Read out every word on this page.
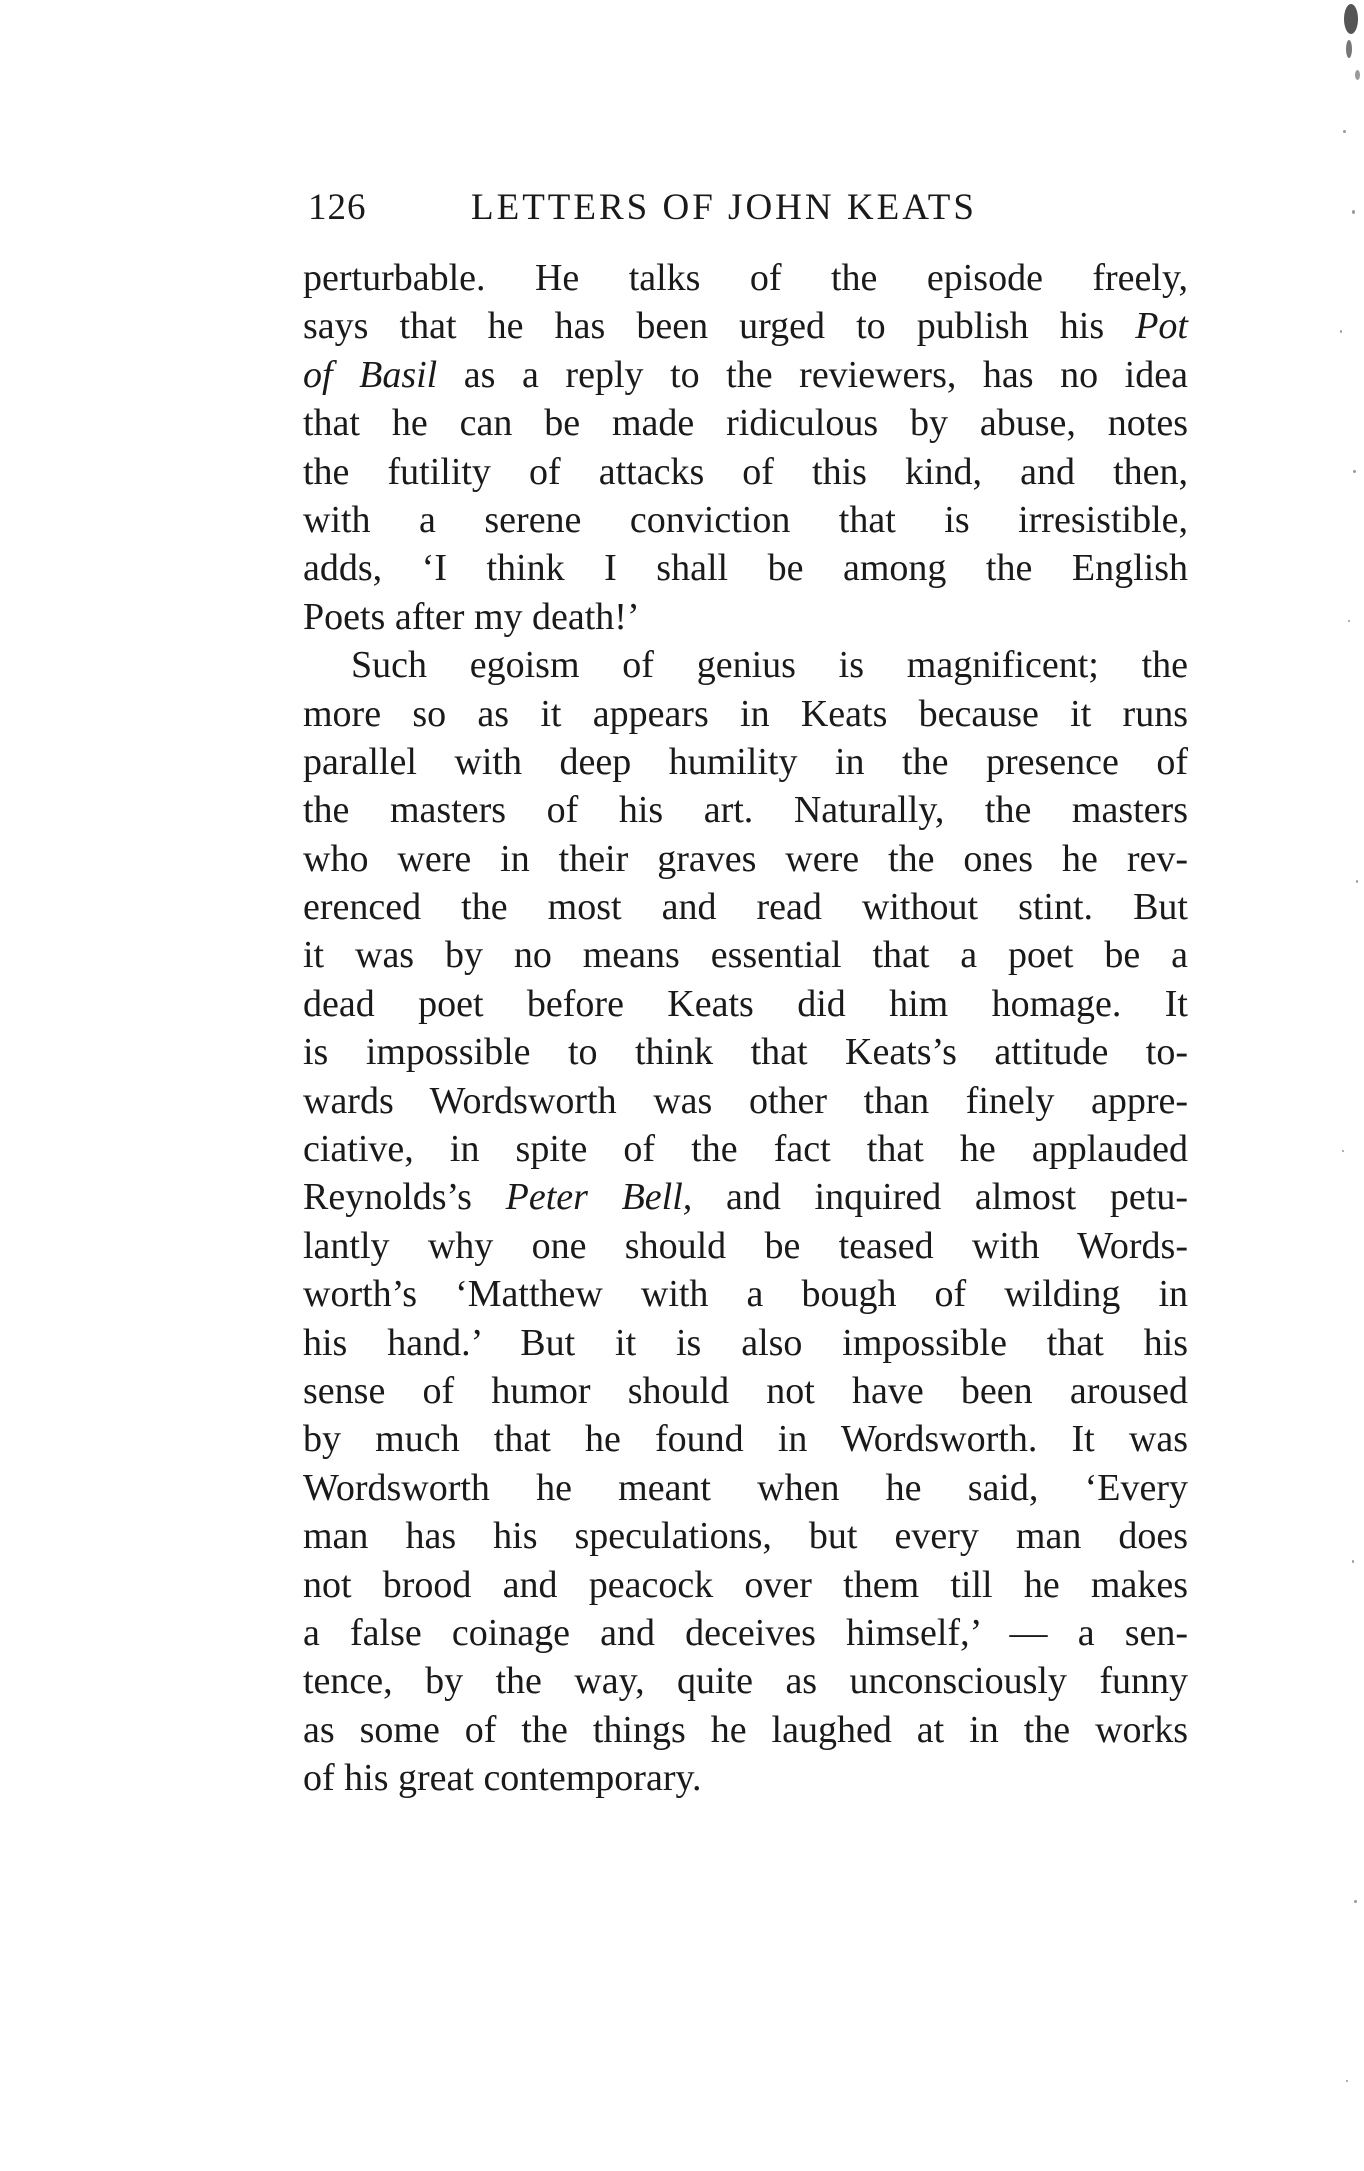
126	LETTERS OF JOHN KEATS
perturbable. He talks of the episode freely,
says that he has been urged to publish his Pot
of Basil as a reply to the reviewers, has no idea
that he can be made ridiculous by abuse, notes
the futility of attacks of this kind, and then,
with a serene conviction that is irresistible,
adds, ‘I think I shall be among the English
Poets after my death!’
Such egoism of genius is magnificent; the
more so as it appears in Keats because it runs
parallel with deep humility in the presence of
the masters of his art. Naturally, the masters
who were in their graves were the ones he rev-
erenced the most and read without stint. But
it was by no means essential that a poet be a
dead poet before Keats did him homage. It
is impossible to think that Keats’s attitude to-
wards Wordsworth was other than finely appre-
ciative, in spite of the fact that he applauded
Reynolds’s Peter Bell, and inquired almost petu-
lantly why one should be teased with Words-
worth’s ‘Matthew with a bough of wilding in
his hand.’ But it is also impossible that his
sense of humor should not have been aroused
by much that he found in Wordsworth. It was
Wordsworth he meant when he said, ‘Every
man has his speculations, but every man does
not brood and peacock over them till he makes
a false coinage and deceives himself,’ — a sen-
tence, by the way, quite as unconsciously funny
as some of the things he laughed at in the works
of his great contemporary.
